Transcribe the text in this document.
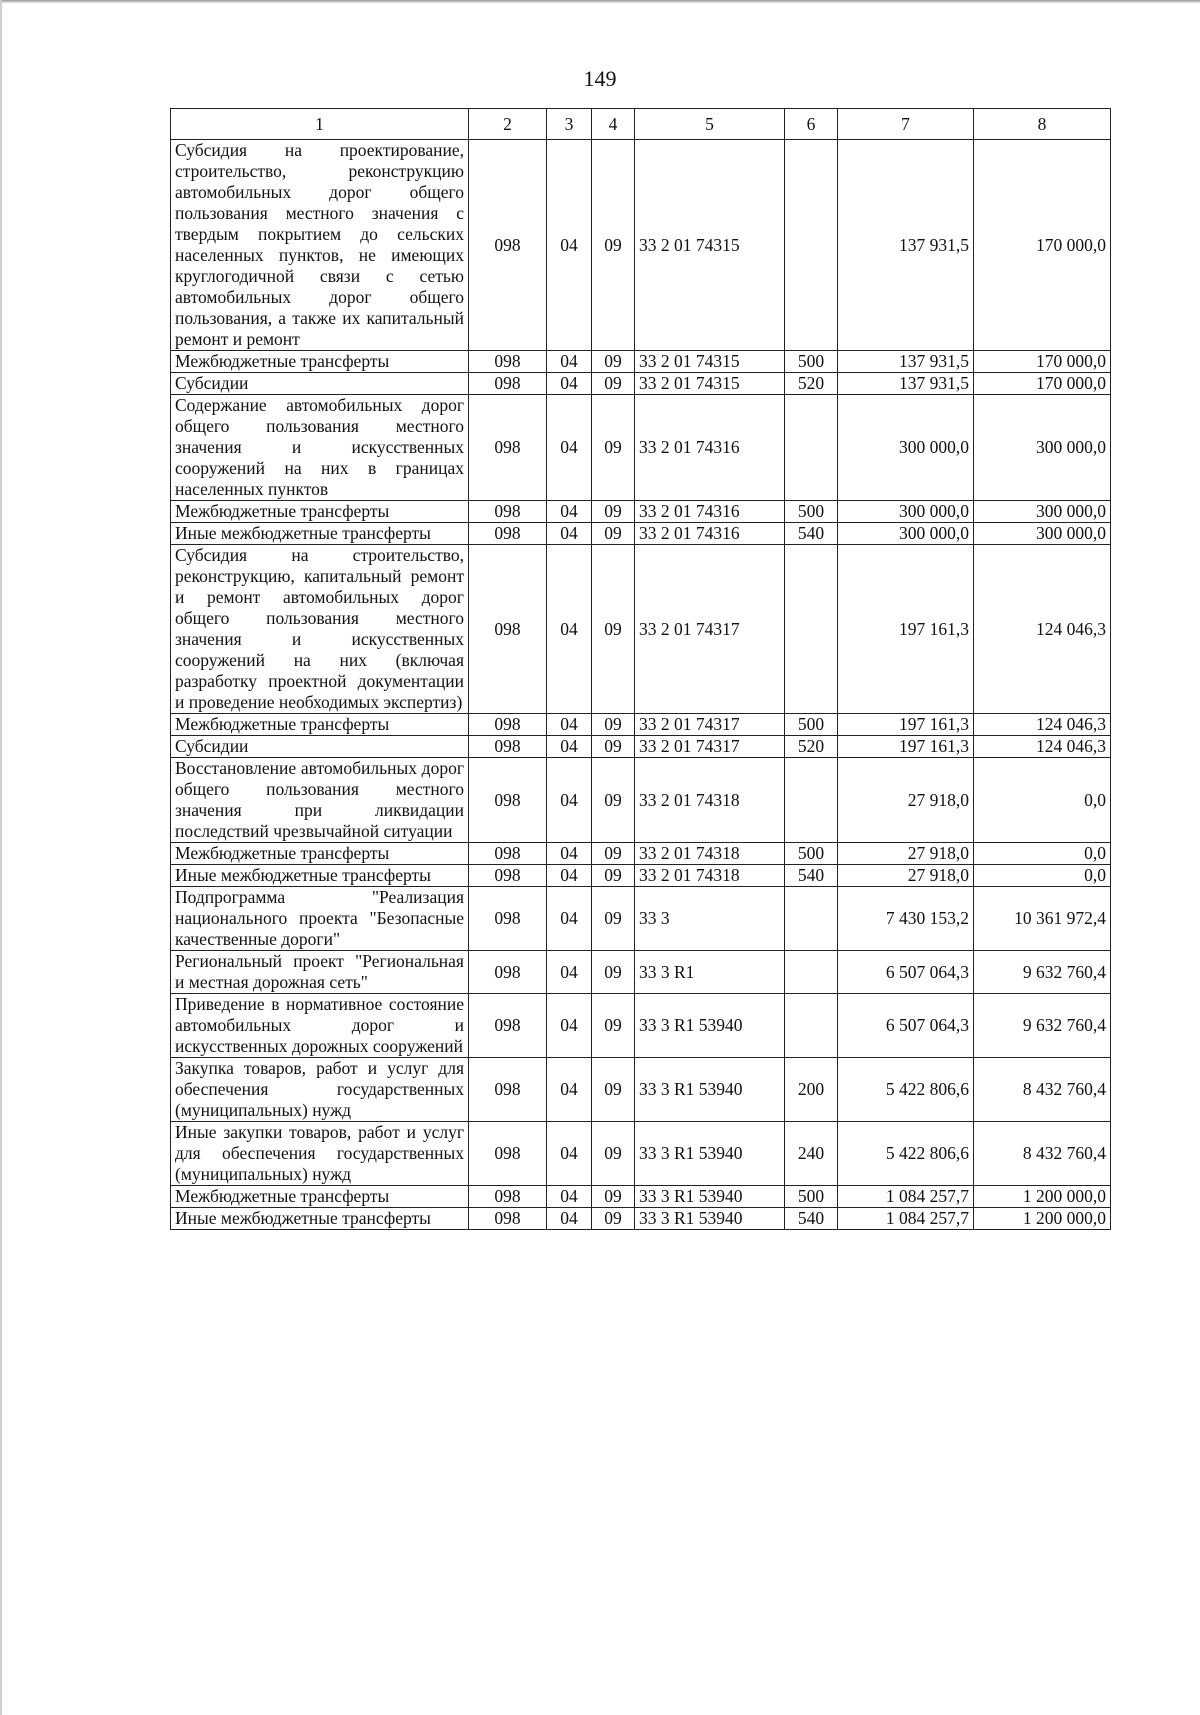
149
1	2	3	4	5	6	7	8
Субсидия на проектирование, строительство, реконструкцию автомобильных дорог общего пользования местного значения с твердым покрытием до сельских населенных пунктов, не имеющих круглогодичной связи с сетью автомобильных дорог общего пользования, а также их капитальный ремонт и ремонт	098	04	09	33 2 01 74315		137 931,5	170 000,0
Межбюджетные трансферты	098	04	09	33 2 01 74315	500	137 931,5	170 000,0
Субсидии	098	04	09	33 2 01 74315	520	137 931,5	170 000,0
Содержание автомобильных дорог общего пользования местного значения и искусственных сооружений на них в границах населенных пунктов	098	04	09	33 2 01 74316		300 000,0	300 000,0
Межбюджетные трансферты	098	04	09	33 2 01 74316	500	300 000,0	300 000,0
Иные межбюджетные трансферты	098	04	09	33 2 01 74316	540	300 000,0	300 000,0
Субсидия на строительство, реконструкцию, капитальный ремонт и ремонт автомобильных дорог общего пользования местного значения и искусственных сооружений на них (включая разработку проектной документации и проведение необходимых экспертиз)	098	04	09	33 2 01 74317		197 161,3	124 046,3
Межбюджетные трансферты	098	04	09	33 2 01 74317	500	197 161,3	124 046,3
Субсидии	098	04	09	33 2 01 74317	520	197 161,3	124 046,3
Восстановление автомобильных дорог общего пользования местного значения при ликвидации последствий чрезвычайной ситуации	098	04	09	33 2 01 74318		27 918,0	0,0
Межбюджетные трансферты	098	04	09	33 2 01 74318	500	27 918,0	0,0
Иные межбюджетные трансферты	098	04	09	33 2 01 74318	540	27 918,0	0,0
Подпрограмма "Реализация национального проекта "Безопасные качественные дороги"	098	04	09	33 3		7 430 153,2	10 361 972,4
Региональный проект "Региональная и местная дорожная сеть"	098	04	09	33 3 R1		6 507 064,3	9 632 760,4
Приведение в нормативное состояние автомобильных дорог и искусственных дорожных сооружений	098	04	09	33 3 R1 53940		6 507 064,3	9 632 760,4
Закупка товаров, работ и услуг для обеспечения государственных (муниципальных) нужд	098	04	09	33 3 R1 53940	200	5 422 806,6	8 432 760,4
Иные закупки товаров, работ и услуг для обеспечения государственных (муниципальных) нужд	098	04	09	33 3 R1 53940	240	5 422 806,6	8 432 760,4
Межбюджетные трансферты	098	04	09	33 3 R1 53940	500	1 084 257,7	1 200 000,0
Иные межбюджетные трансферты	098	04	09	33 3 R1 53940	540	1 084 257,7	1 200 000,0
